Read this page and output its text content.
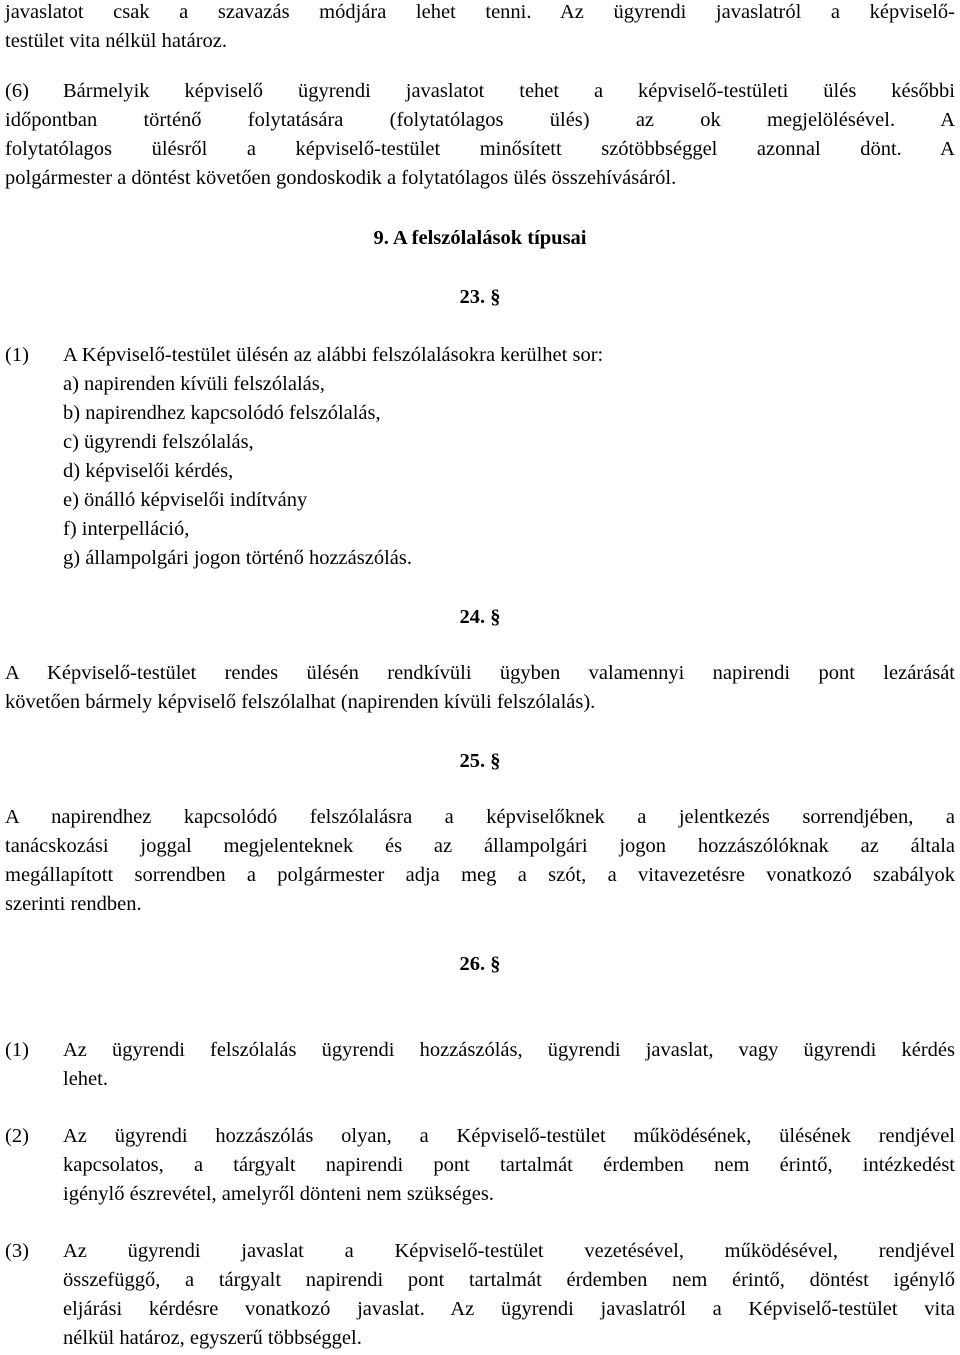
javaslatot csak a szavazás módjára lehet tenni. Az ügyrendi javaslatról a képviselő-
testület vita nélkül határoz.
(6)	Bármelyik képviselő ügyrendi javaslatot tehet a képviselő-testületi ülés későbbi
időpontban történő folytatására (folytatólagos ülés) az ok megjelölésével. A
folytatólagos ülésről a képviselő-testület minősített szótöbbséggel azonnal dönt. A
polgármester a döntést követően gondoskodik a folytatólagos ülés összehívásáról.
9. A felszólalások típusai
23. §
(1)	A Képviselő-testület ülésén az alábbi felszólalásokra kerülhet sor:
a) napirenden kívüli felszólalás,
b) napirendhez kapcsolódó felszólalás,
c) ügyrendi felszólalás,
d) képviselői kérdés,
e) önálló képviselői indítvány
f) interpelláció,
g) állampolgári jogon történő hozzászólás.
24. §
A Képviselő-testület rendes ülésén rendkívüli ügyben valamennyi napirendi pont lezárását
követően bármely képviselő felszólalhat (napirenden kívüli felszólalás).
25. §
A napirendhez kapcsolódó felszólalásra a képviselőknek a jelentkezés sorrendjében, a
tanácskozási joggal megjelenteknek és az állampolgári jogon hozzászólóknak az általa
megállapított sorrendben a polgármester adja meg a szót, a vitavezetésre vonatkozó szabályok
szerinti rendben.
26. §
(1)	Az ügyrendi felszólalás ügyrendi hozzászólás, ügyrendi javaslat, vagy ügyrendi kérdés
lehet.
(2)	Az ügyrendi hozzászólás olyan, a Képviselő-testület működésének, ülésének rendjével
kapcsolatos, a tárgyalt napirendi pont tartalmát érdemben nem érintő, intézkedést
igénylő észrevétel, amelyről dönteni nem szükséges.
(3)	Az ügyrendi javaslat a Képviselő-testület vezetésével, működésével, rendjével
összefüggő, a tárgyalt napirendi pont tartalmát érdemben nem érintő, döntést igénylő
eljárási kérdésre vonatkozó javaslat. Az ügyrendi javaslatról a Képviselő-testület vita
nélkül határoz, egyszerű többséggel.
